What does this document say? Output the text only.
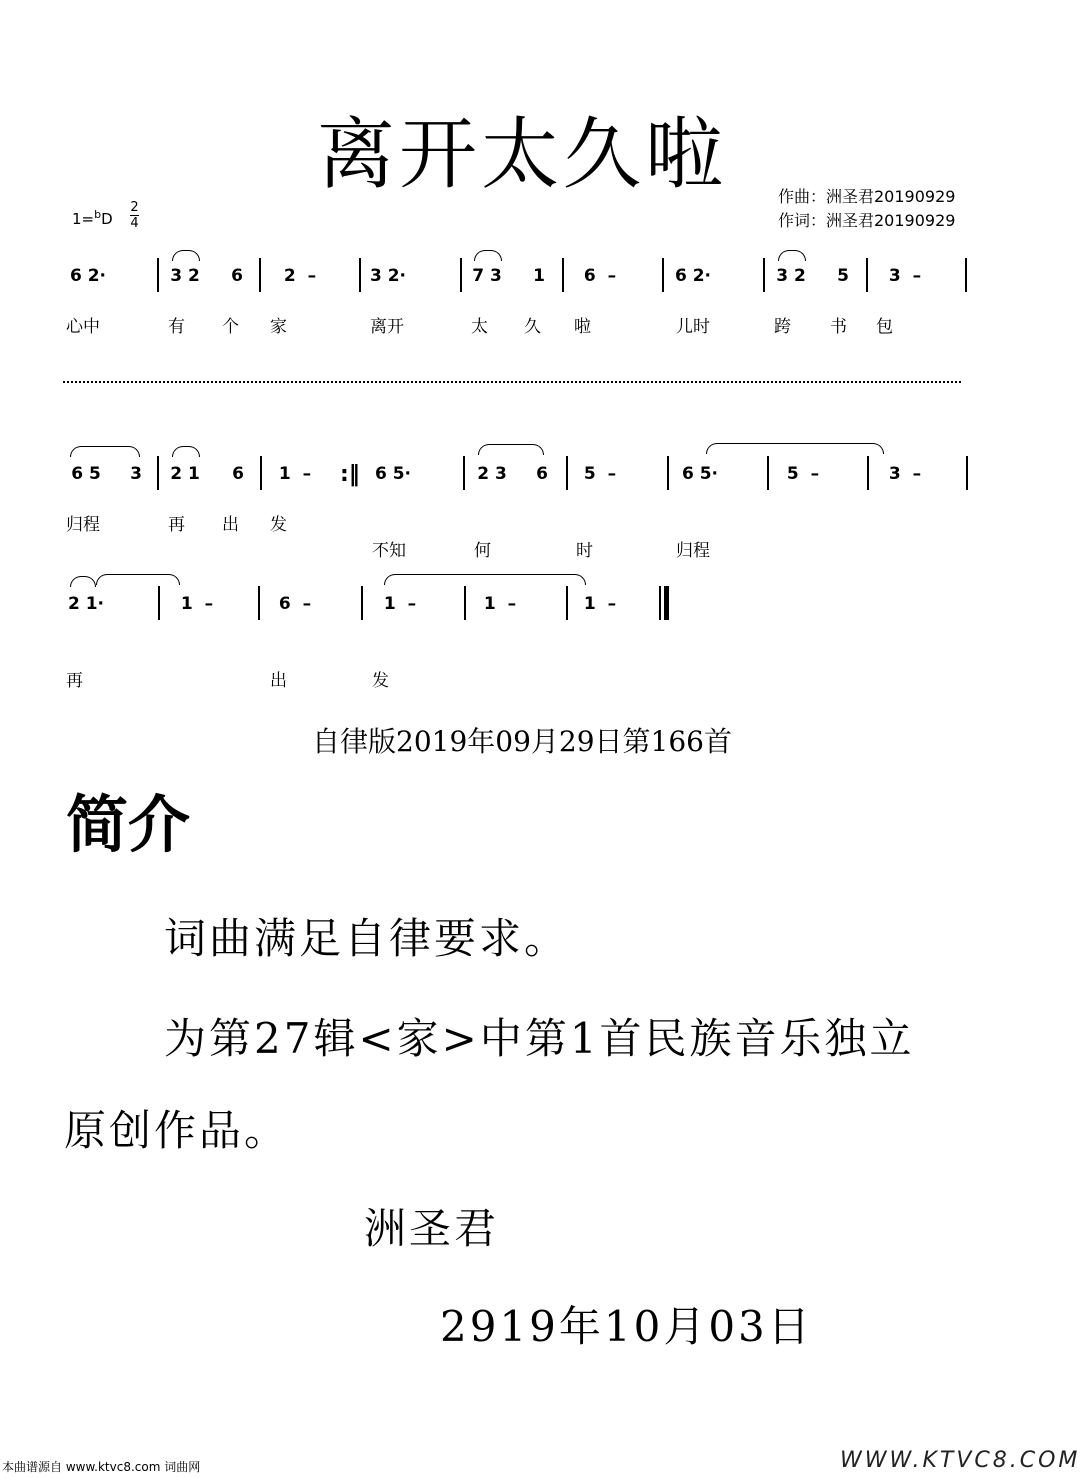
离开太久啦	作曲：洲圣君20190929
作词：洲圣君20190929
1=$^b$D
2
4
6 2·	3 2 6 2  –	3 2·	7 3 1 6  –	6 2·	3 2 5 3  –
心中	有 个 家	离开	太 久 啦	儿时	跨 书 包
6 5 3 2 1 6 1  – :‖ 6 5·	2 3 6 5  –	6 5·	5  –	3  –
归程	再 出 发
不知	何	时	归程
2 1·	1  –	6  –	1  –	1  –	1  –
再	出	发
自律版2019年09月29日第166首
简介
词曲满足自律要求。
为第27辑<家>中第1首民族音乐独立
原创作品。
洲圣君
2919年10月03日
本曲谱源自 www.ktvc8.com 词曲网	WWW.KTVC8.COM
